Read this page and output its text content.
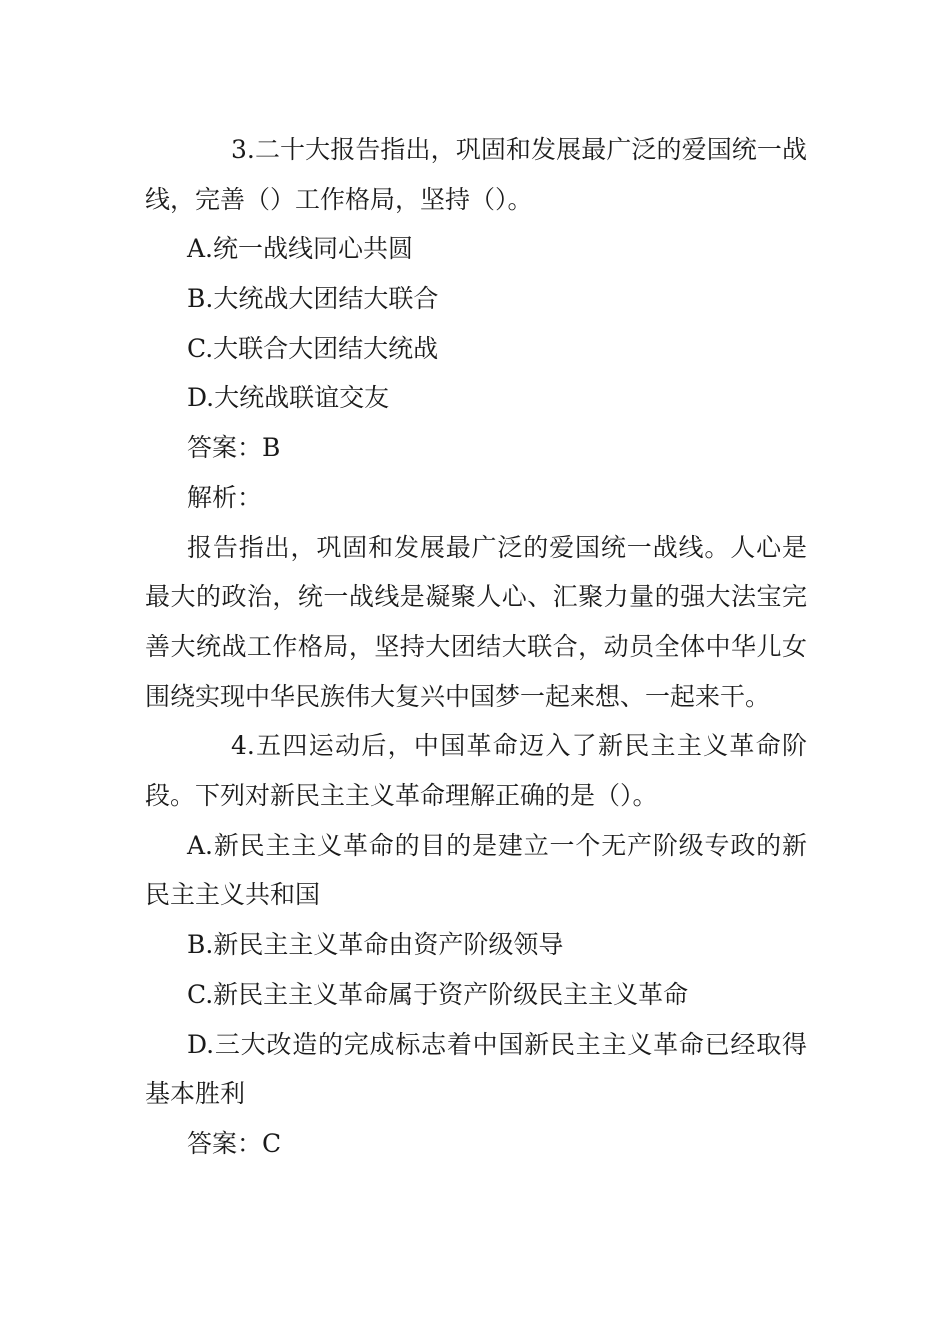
3.二十大报告指出，巩固和发展最广泛的爱国统一战线，完善（）工作格局，坚持（）。

A.统一战线同心共圆
B.大统战大团结大联合
C.大联合大团结大统战
D.大统战联谊交友
答案：B
解析：

报告指出，巩固和发展最广泛的爱国统一战线。人心是最大的政治，统一战线是凝聚人心、汇聚力量的强大法宝完善大统战工作格局，坚持大团结大联合，动员全体中华儿女围绕实现中华民族伟大复兴中国梦一起来想、一起来干。

4.五四运动后，中国革命迈入了新民主主义革命阶段。下列对新民主主义革命理解正确的是（）。

A.新民主主义革命的目的是建立一个无产阶级专政的新民主主义共和国

B.新民主主义革命由资产阶级领导
C.新民主主义革命属于资产阶级民主主义革命

D.三大改造的完成标志着中国新民主主义革命已经取得基本胜利

答案：C
